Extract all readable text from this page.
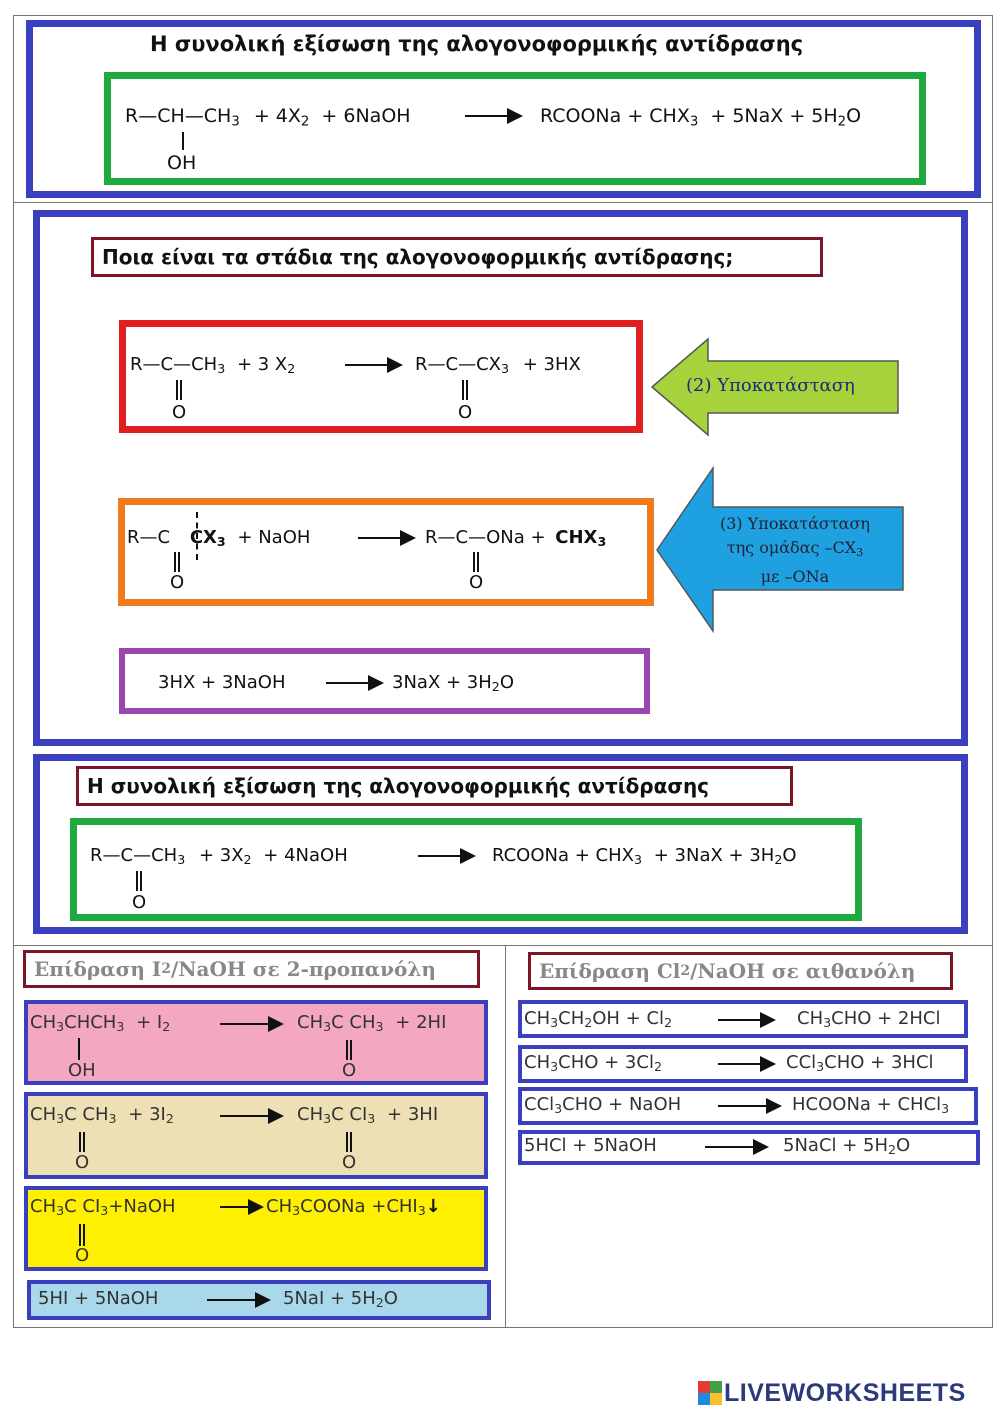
Η συνολική εξίσωση της αλογονοφορμικής αντίδρασης
$R—CH—CH_3 + 4X_2$ + 6NaOH	→ RCOONa + $CHX_3 + 5NaX + 5H_2O$
OH
Ποια είναι τα στάδια της αλογονοφορμικής αντίδρασης;
$R—C—CH_3 + 3$ $X_2$	→ $R—C—CX_3 + 3HX$
O	O
(2) Υποκατάσταση
R—C $CX_3$ + NaOH	→ R—C—ONa + $CHX_3$
O	O
(3) Υποκατάσταση
της ομάδας $-CX_3$
με –ONa
3HX + 3NaOH	→ $3NaX + 3H_2O$
Η συνολική εξίσωση της αλογονοφορμικής αντίδρασης
$R—C—CH_3 + 3X_2$ + 4NaOH	→ RCOONa + $CHX_3 + 3NaX + 3H_2O$
O
Επίδραση I 2 /NaOH σε 2-προπανόλη
$CH_3CHCH_3 + I_2$	$CH_3C$ $CH_3 + 2HI$
OH	O
$CH_3C$ $CH_3 + 3I_2$	$CH_3C$ $CI_3 + 3HI$
O	O
$CH_3C$ $CI_3+NaOH$	→ $CH_3COONa$ $+CHI_3↓$
O
5HI + 5NaOH	$5NaI + 5H_2O$
Επίδραση Cl 2 /NaOH σε αιθανόλη
$CH_3CH_2OH + Cl_2$	→ $CH_3CHO + 2HCl$
$CH_3CHO + 3Cl_2$	→ CCl$_3$CHO + 3HCl
CCl$_3$CHO + NaOH	HCOONa + CHCl$_3$
5HCl + 5NaOH	5NaCl + $5H_2O$
LIVEWORKSHEETS
